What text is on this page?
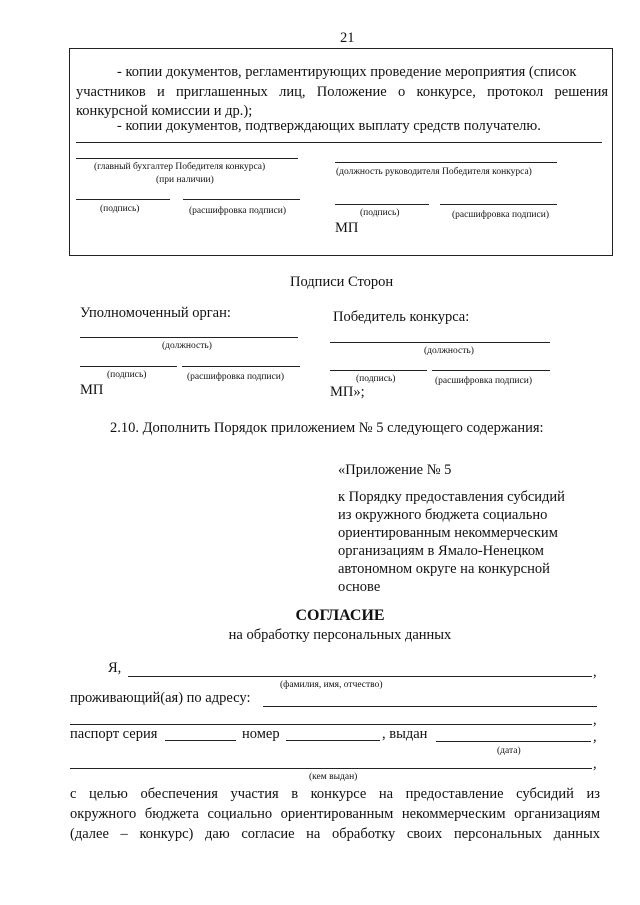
21
- копии документов, регламентирующих проведение мероприятия (список
участников и приглашенных лиц, Положение о конкурсе, протокол решения
конкурсной комиссии и др.);
- копии документов, подтверждающих выплату средств получателю.
(главный бухгалтер Победителя конкурса)
(при наличии)
(подпись)	(расшифровка подписи)
(должность руководителя Победителя конкурса)
(подпись)	(расшифровка подписи)
МП
Подписи Сторон
Уполномоченный орган:	Победитель конкурса:
(должность)	(должность)
(подпись)	(расшифровка подписи)
МП
(подпись)	(расшифровка подписи)
МП»;
2.10. Дополнить Порядок приложением № 5 следующего содержания:
«Приложение № 5
к Порядку предоставления субсидий
из окружного бюджета социально
ориентированным некоммерческим
организациям в Ямало-Ненецком
автономном округе на конкурсной
основе
СОГЛАСИЕ
на обработку персональных данных
Я,	,
(фамилия, имя, отчество)
проживающий(ая) по адресу:
,
паспорт серия	номер	, выдан	,
(дата)
,
(кем выдан)
с целью обеспечения участия в конкурсе на предоставление субсидий из
окружного бюджета социально ориентированным некоммерческим организациям
(далее – конкурс) даю согласие на обработку своих персональных данных
